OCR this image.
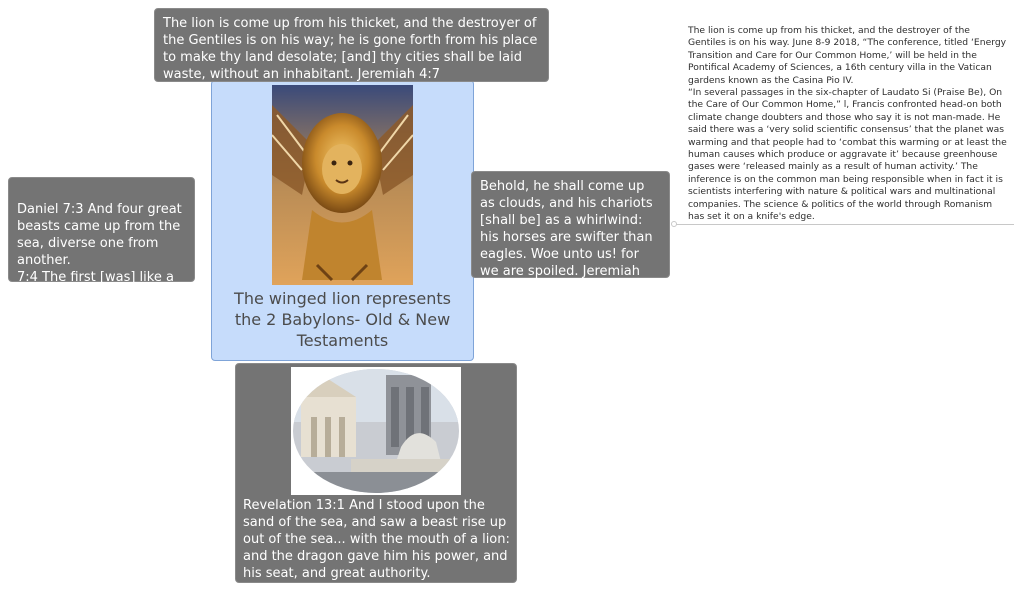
The winged lion represents the 2 Babylons- Old & New Testaments
The lion is come up from his thicket, and the destroyer of the Gentiles is on his way; he is gone forth from his place to make thy land desolate; [and] thy cities shall be laid waste, without an inhabitant. Jeremiah 4:7

Daniel 7:3 And four great beasts came up from the sea, diverse one from another.
7:4 The first [was] like a lion, and had eagle's wings:

Behold, he shall come up as clouds, and his chariots [shall be] as a whirlwind: his horses are swifter than eagles. Woe unto us! for we are spoiled. Jeremiah 4:13
Revelation 13:1 And I stood upon the sand of the sea, and saw a beast rise up out of the sea... with the mouth of a lion: and the dragon gave him his power, and his seat, and great authority.
The lion is come up from his thicket, and the destroyer of the Gentiles is on his way. June 8-9 2018, “The conference, titled ‘Energy Transition and Care for Our Common Home,’ will be held in the Pontifical Academy of Sciences, a 16th century villa in the Vatican gardens known as the Casina Pio IV.
“In several passages in the six-chapter of Laudato Si (Praise Be), On the Care of Our Common Home,” l, Francis confronted head-on both climate change doubters and those who say it is not man-made. He said there was a ‘very solid scientific consensus’ that the planet was warming and that people had to ‘combat this warming or at least the human causes which produce or aggravate it’ because greenhouse gases were ‘released mainly as a result of human activity.’ The inference is on the common man being responsible when in fact it is scientists interfering with nature & political wars and multinational companies. The science & politics of the world through Romanism has set it on a knife's edge.
